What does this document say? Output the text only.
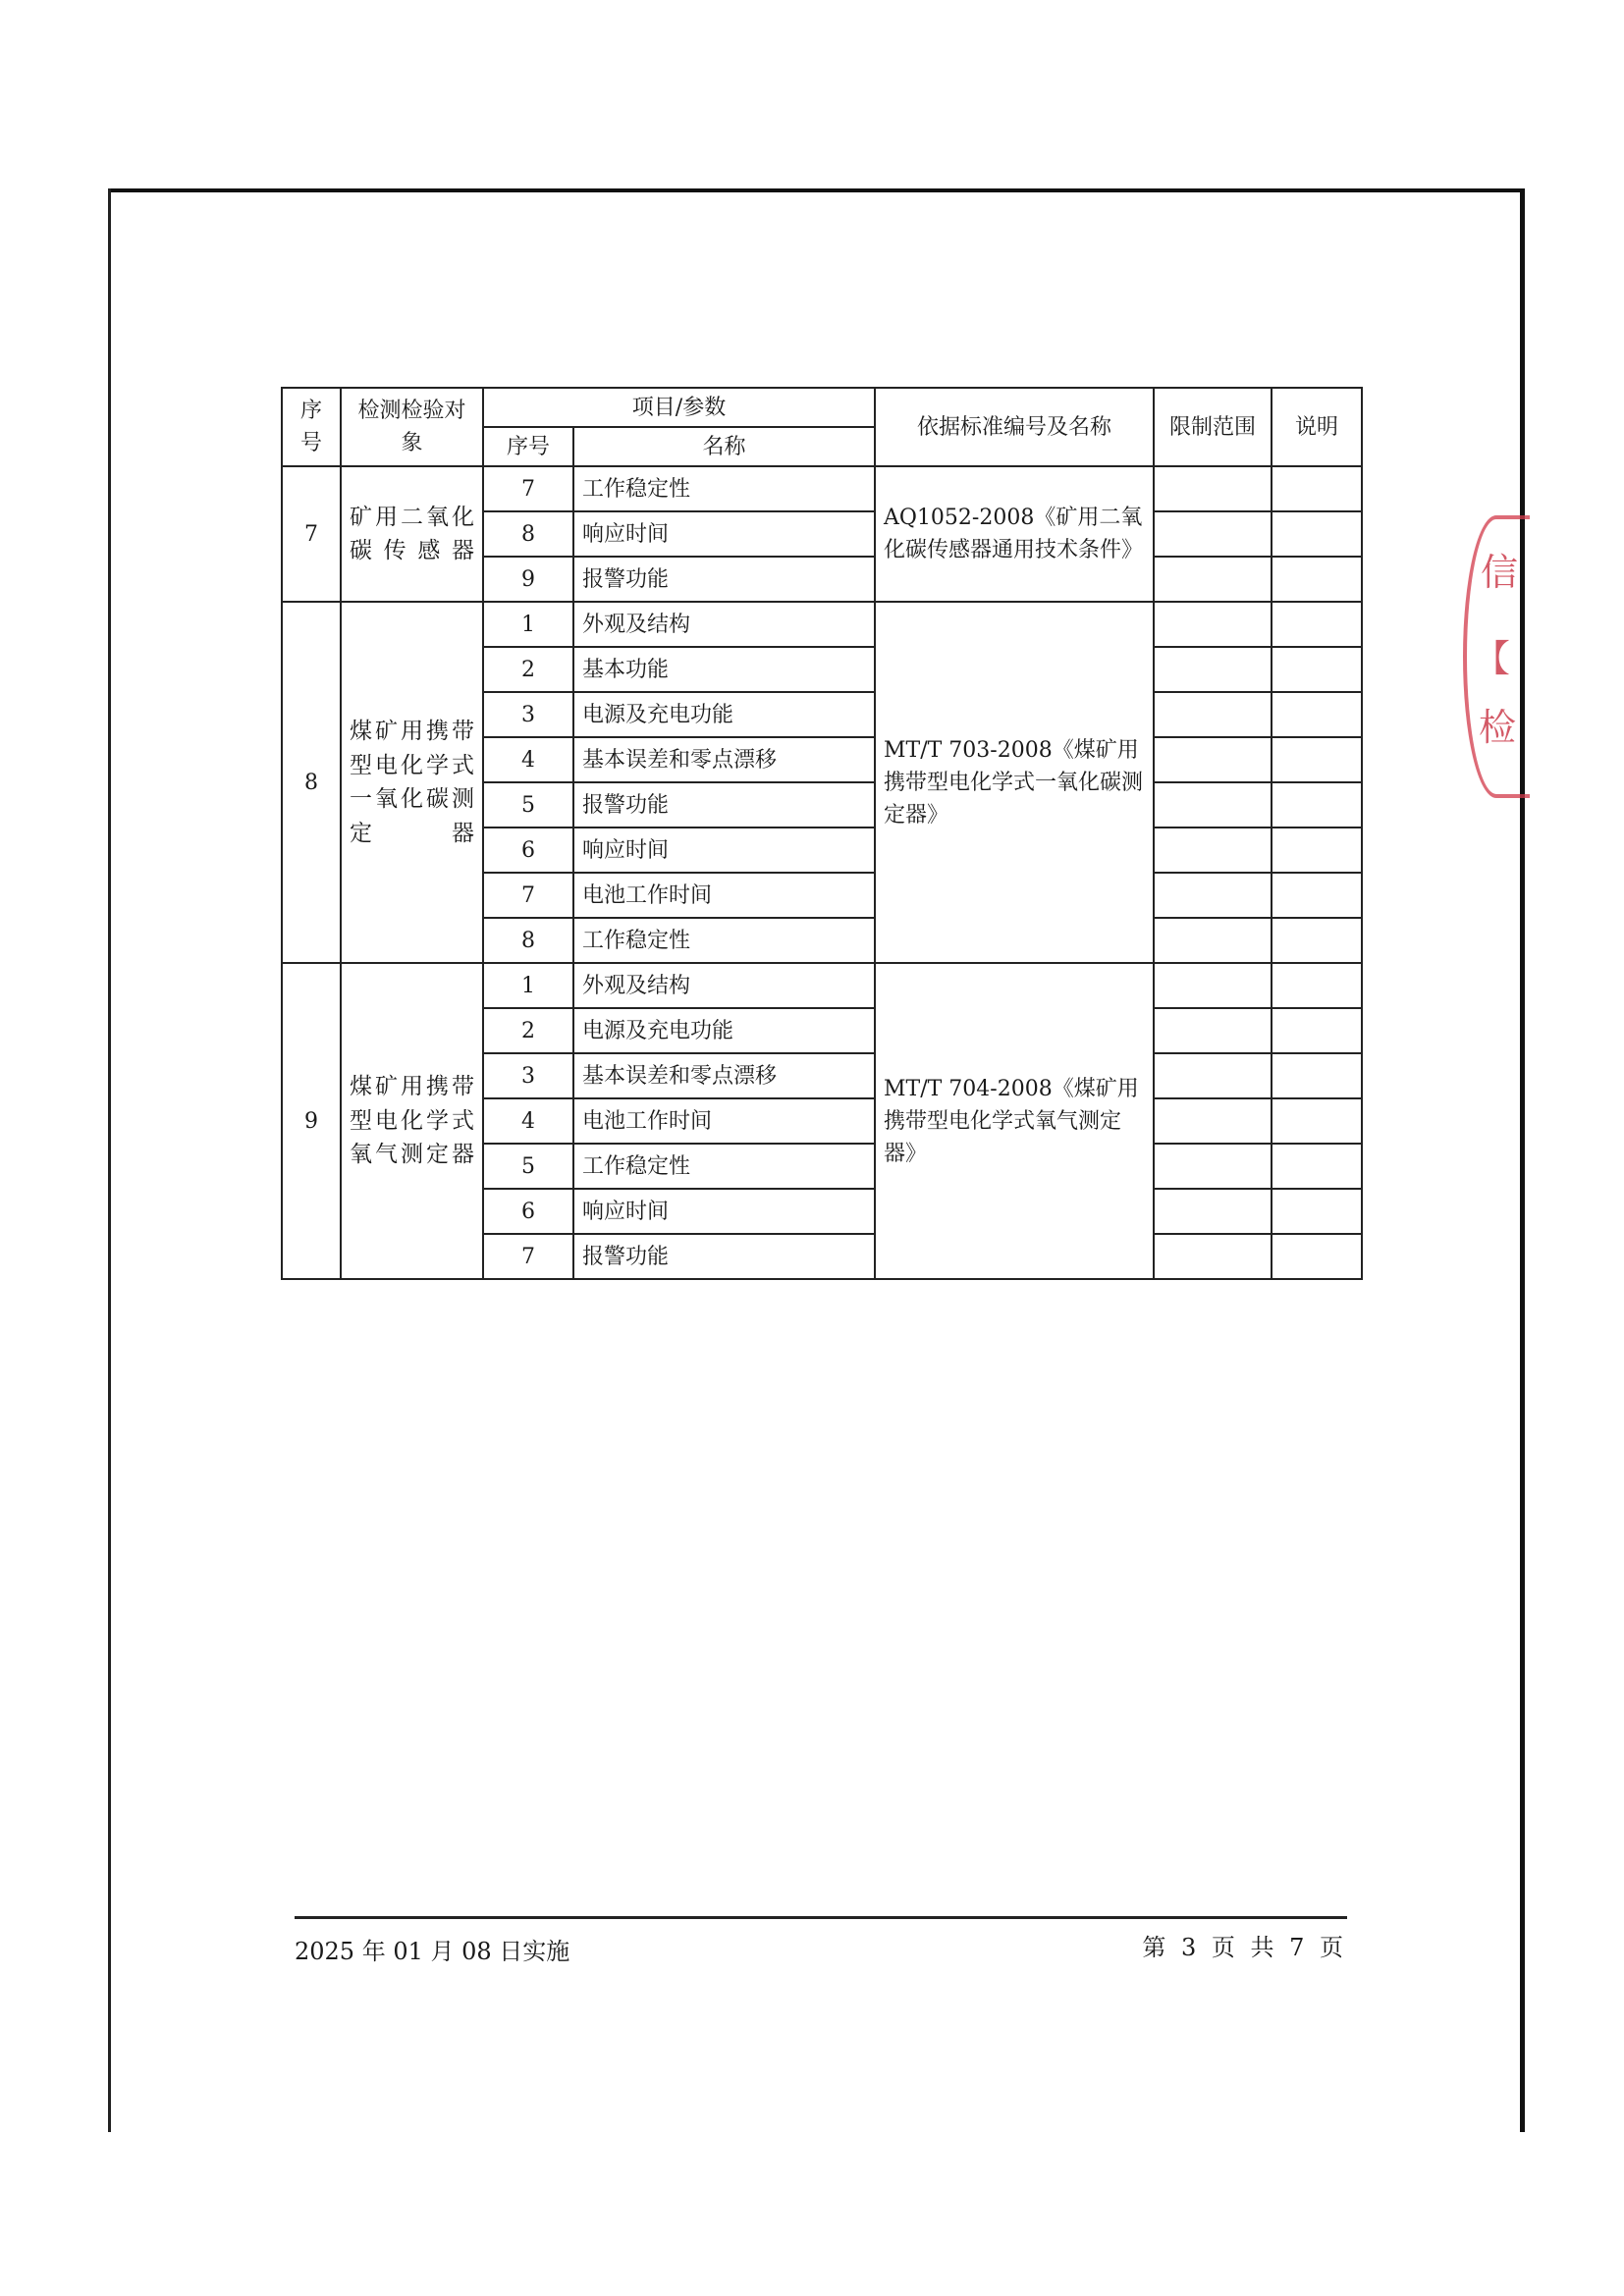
信
【
检
序号	检测检验对象	项目/参数		依据标准编号及名称	限制范围	说明
		序号	名称			
7	矿用二氧化碳传感器	7	工作稳定性	AQ1052-2008《矿用二氧化碳传感器通用技术条件》		
		8	响应时间			
		9	报警功能			
8	煤矿用携带型电化学式一氧化碳测定器	1	外观及结构	MT/T 703-2008《煤矿用携带型电化学式一氧化碳测定器》		
		2	基本功能			
		3	电源及充电功能			
		4	基本误差和零点漂移			
		5	报警功能			
		6	响应时间			
		7	电池工作时间			
		8	工作稳定性			
9	煤矿用携带型电化学式氧气测定器	1	外观及结构	MT/T 704-2008《煤矿用携带型电化学式氧气测定器》		
		2	电源及充电功能			
		3	基本误差和零点漂移			
		4	电池工作时间			
		5	工作稳定性			
		6	响应时间			
		7	报警功能			
2025 年 01 月 08 日实施	第 3 页 共 7 页
